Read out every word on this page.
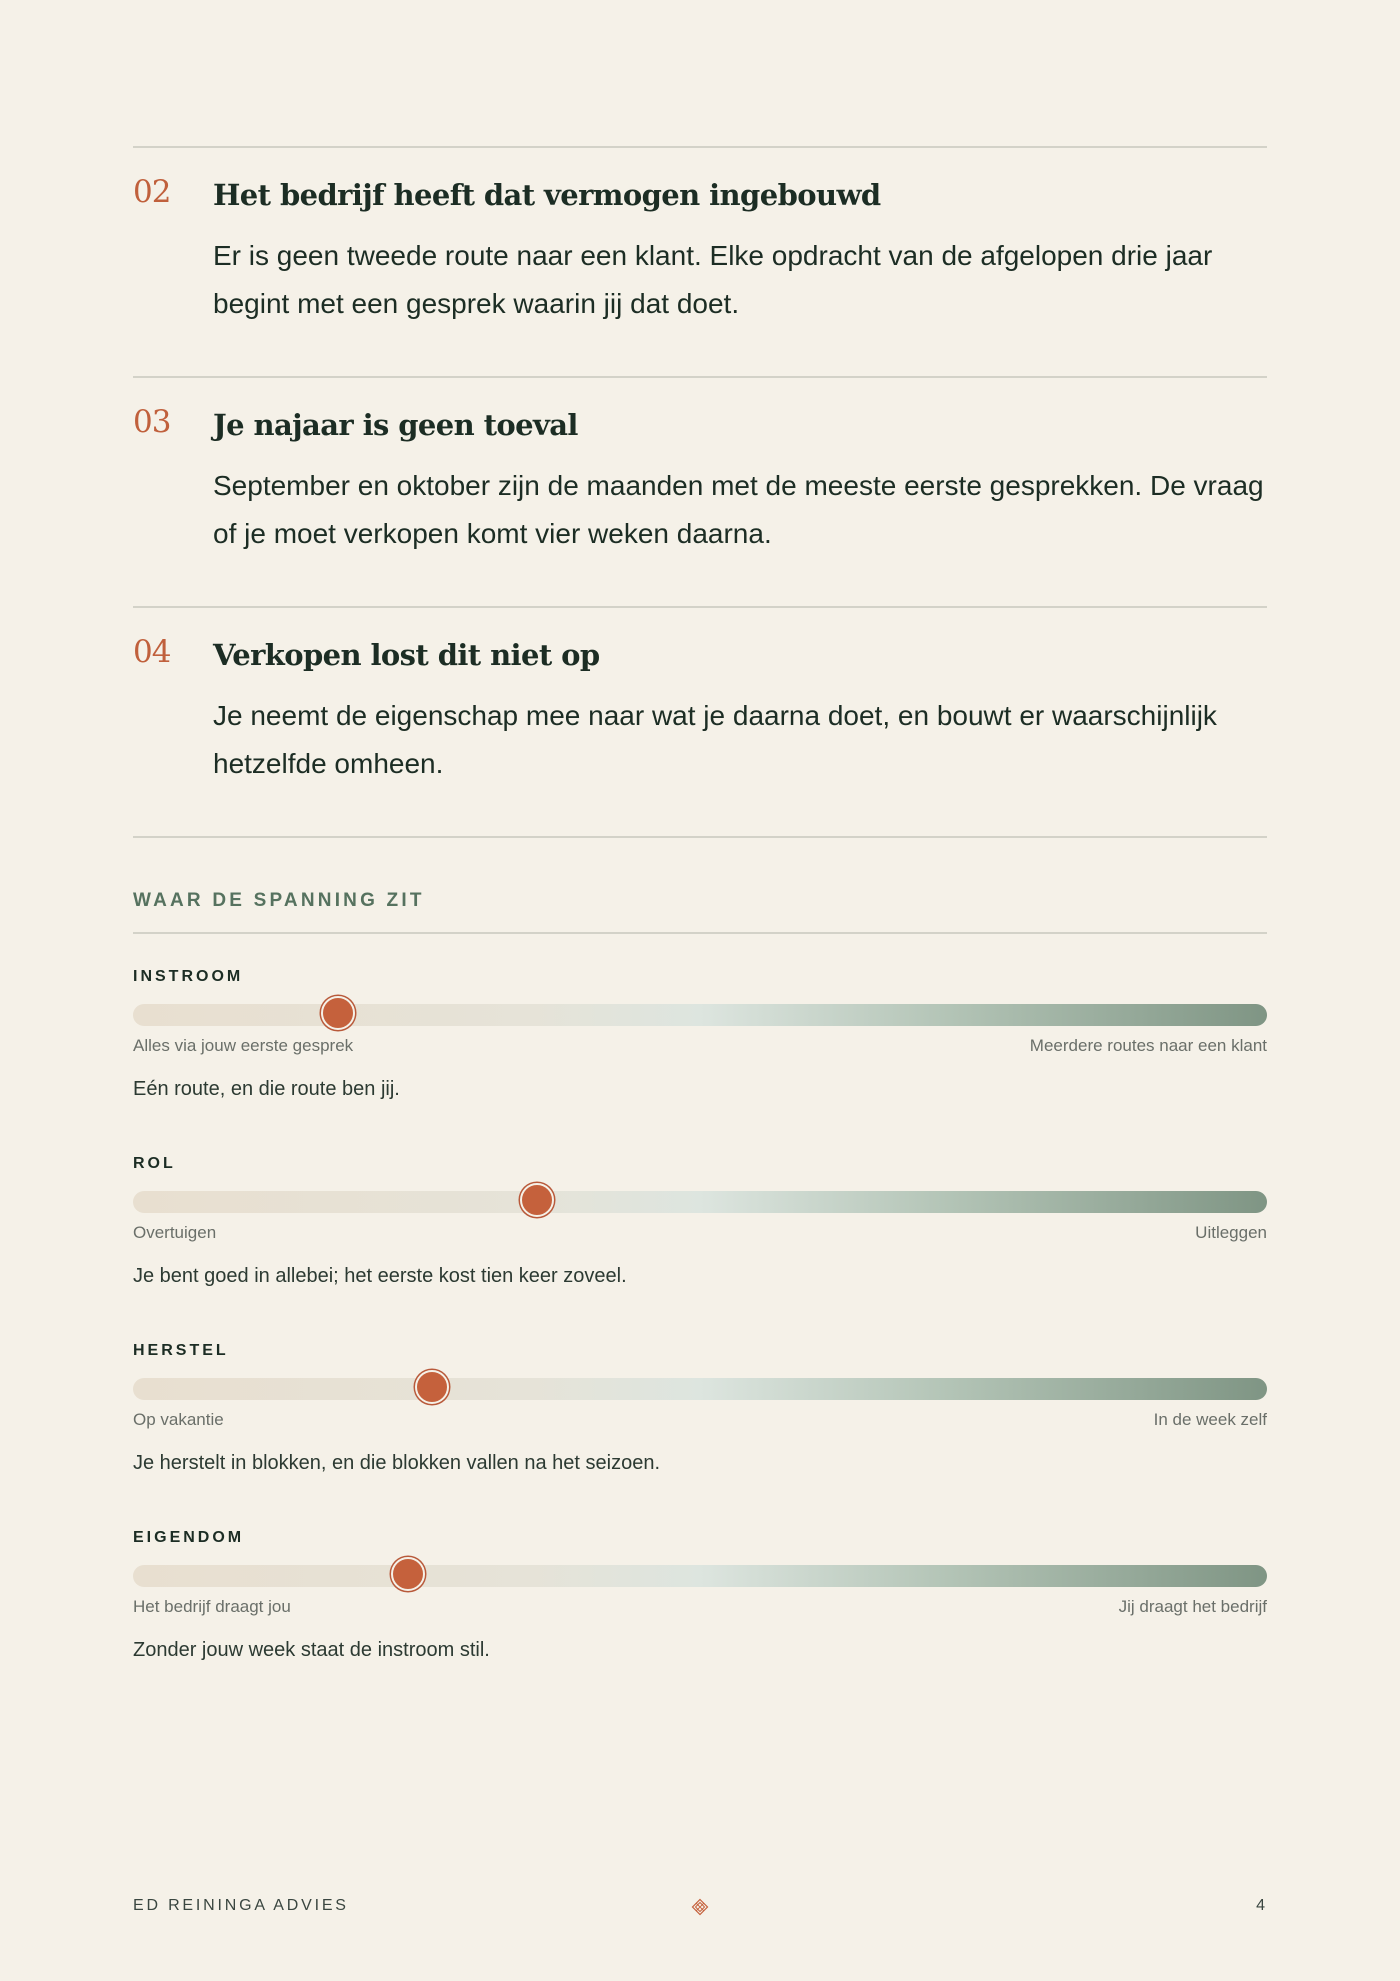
02 Het bedrijf heeft dat vermogen ingebouwd
Er is geen tweede route naar een klant. Elke opdracht van de afgelopen drie jaar begint met een gesprek waarin jij dat doet.
03 Je najaar is geen toeval
September en oktober zijn de maanden met de meeste eerste gesprekken. De vraag of je moet verkopen komt vier weken daarna.
04 Verkopen lost dit niet op
Je neemt de eigenschap mee naar wat je daarna doet, en bouwt er waarschijnlijk hetzelfde omheen.
WAAR DE SPANNING ZIT
INSTROOM
Alles via jouw eerste gesprek	Meerdere routes naar een klant
Eén route, en die route ben jij.
ROL
Overtuigen	Uitleggen
Je bent goed in allebei; het eerste kost tien keer zoveel.
HERSTEL
Op vakantie	In de week zelf
Je herstelt in blokken, en die blokken vallen na het seizoen.
EIGENDOM
Het bedrijf draagt jou	Jij draagt het bedrijf
Zonder jouw week staat de instroom stil.
ED REININGA ADVIES	4
